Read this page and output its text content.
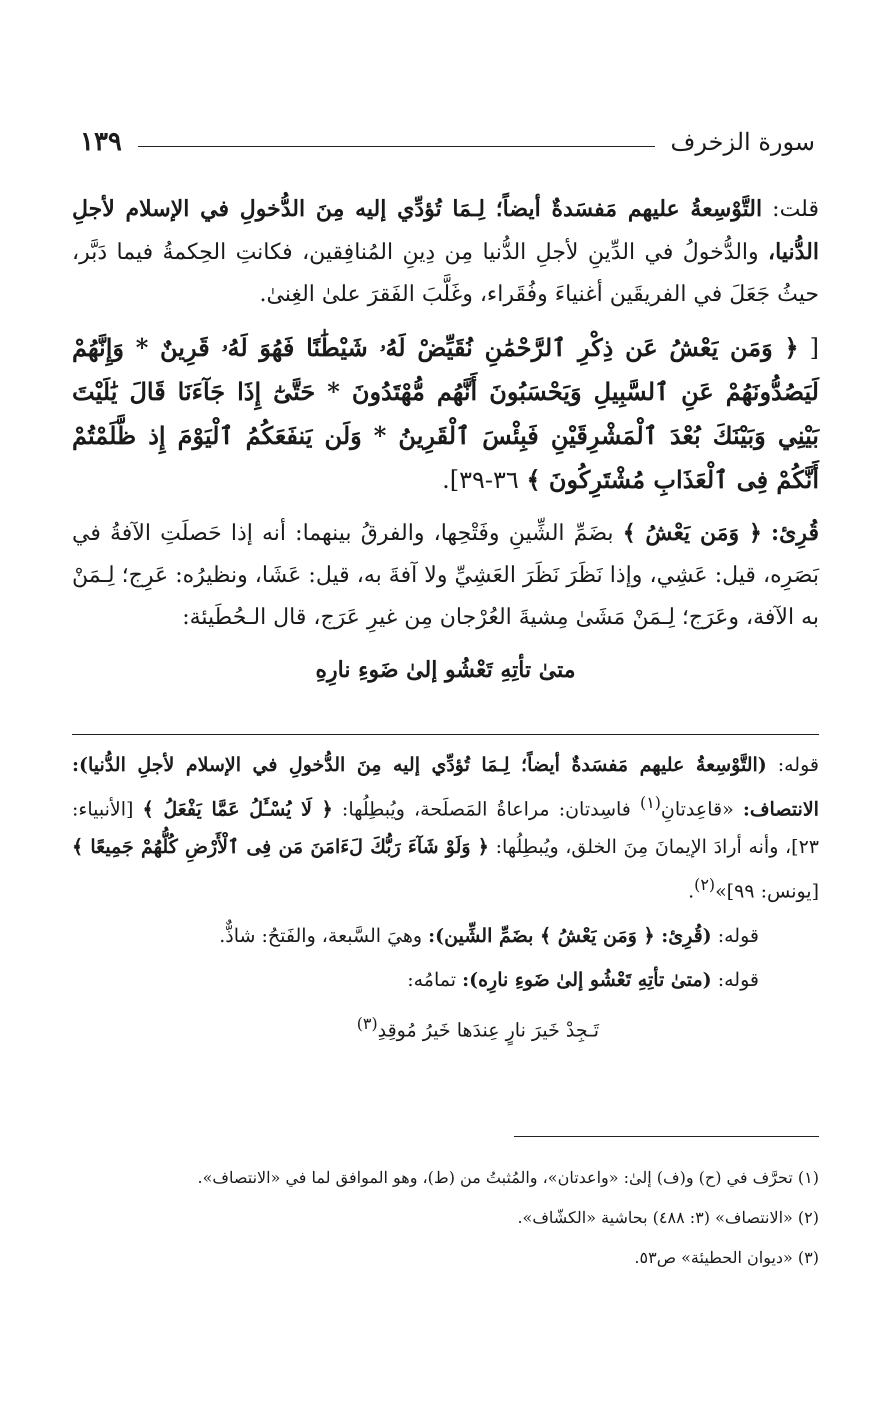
سورة الزخرف
١٣٩

قلت: التَّوْسِعةُ عليهم مَفسَدةٌ أيضاً؛ لِـمَا تُؤدِّي إليه مِنَ الدُّخولِ في الإسلام لأجلِ الدُّنيا، والدُّخولُ في الدِّينِ لأجلِ الدُّنيا مِن دِينِ المُنافِقين، فكانتِ الحِكمةُ فيما دَبَّر، حيثُ جَعَلَ في الفريقَين أغنياءَ وفُقَراء، وغَلَّبَ الفَقرَ علىٰ الغِنىٰ.

[ ﴿ وَمَن يَعْشُ عَن ذِكْرِ ٱلرَّحْمَٰنِ نُقَيِّضْ لَهُۥ شَيْطَٰنًا فَهُوَ لَهُۥ قَرِينٌ * وَإِنَّهُمْ لَيَصُدُّونَهُمْ عَنِ ٱلسَّبِيلِ وَيَحْسَبُونَ أَنَّهُم مُّهْتَدُونَ * حَتَّىٰٓ إِذَا جَآءَنَا قَالَ يَٰلَيْتَ بَيْنِي وَبَيْنَكَ بُعْدَ ٱلْمَشْرِقَيْنِ فَبِئْسَ ٱلْقَرِينُ * وَلَن يَنفَعَكُمُ ٱلْيَوْمَ إِذ ظَّلَمْتُمْ أَنَّكُمْ فِى ٱلْعَذَابِ مُشْتَرِكُونَ ﴾ ٣٦-٣٩].

قُرِئ: ﴿ وَمَن يَعْشُ ﴾ بضَمِّ الشِّينِ وفَتْحِها، والفرقُ بينهما: أنه إذا حَصلَتِ الآفةُ في بَصَرِه، قيل: عَشِي، وإذا نَظَرَ نَظَرَ العَشِيِّ ولا آفةَ به، قيل: عَشَا، ونظيرُه: عَرِج؛ لِـمَنْ به الآفة، وعَرَج؛ لِـمَنْ مَشَىٰ مِشيةَ العُرْجان مِن غيرِ عَرَج، قال الـحُطَيئة:

متىٰ تأتِهِ تَعْشُو إلىٰ ضَوءِ نارِهِ

قوله: (التَّوْسِعةُ عليهم مَفسَدةٌ أيضاً؛ لِـمَا تُؤدِّي إليه مِنَ الدُّخولِ في الإسلام لأجلِ الدُّنيا): الانتصاف: «قاعِدتانِ$^{(١)}$ فاسِدتان: مراعاةُ المَصلَحة، ويُبطِلُها: ﴿ لَا يُسْـَٔلُ عَمَّا يَفْعَلُ ﴾ [الأنبياء: ٢٣]، وأنه أرادَ الإيمانَ مِنَ الخلق، ويُبطِلُها: ﴿ وَلَوْ شَآءَ رَبُّكَ لَءَامَنَ مَن فِى ٱلْأَرْضِ كُلُّهُمْ جَمِيعًا ﴾ [يونس: ٩٩]»$^{(٢)}$.

قوله: (قُرِئ: ﴿ وَمَن يَعْشُ ﴾ بضَمِّ الشِّين): وهيَ السَّبعة، والفَتحُ: شاذٌّ.

قوله: (متىٰ تأتِهِ تَعْشُو إلىٰ ضَوءِ نارِه): تمامُه:

تَـجِدْ خَيرَ نارٍ عِندَها خَيرُ مُوقِدِ$^{(٣)}$

(١) تحرَّف في (ح) و(ف) إلىٰ: «واعدتان»، والمُثبتُ من (ط)، وهو الموافق لما في «الانتصاف».
(٢) «الانتصاف» (٣: ٤٨٨) بحاشية «الكشّاف».
(٣) «ديوان الحطيئة» ص٥٣.
